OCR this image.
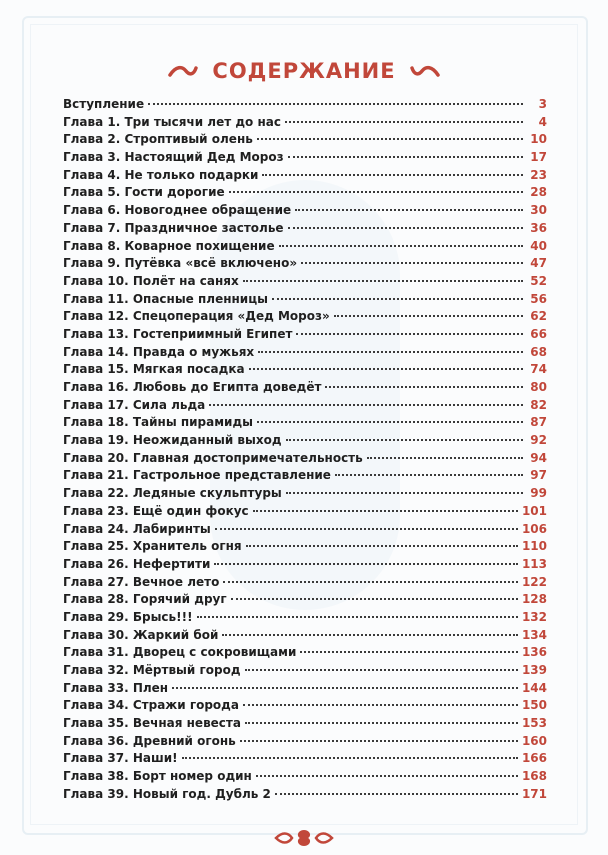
СОДЕРЖАНИЕ
Вступление	3
Глава 1. Три тысячи лет до нас	4
Глава 2. Строптивый олень	10
Глава 3. Настоящий Дед Мороз	17
Глава 4. Не только подарки	23
Глава 5. Гости дорогие	28
Глава 6. Новогоднее обращение	30
Глава 7. Праздничное застолье	36
Глава 8. Коварное похищение	40
Глава 9. Путёвка «всё включено»	47
Глава 10. Полёт на санях	52
Глава 11. Опасные пленницы	56
Глава 12. Спецоперация «Дед Мороз»	62
Глава 13. Гостеприимный Египет	66
Глава 14. Правда о мужьях	68
Глава 15. Мягкая посадка	74
Глава 16. Любовь до Египта доведёт	80
Глава 17. Сила льда	82
Глава 18. Тайны пирамиды	87
Глава 19. Неожиданный выход	92
Глава 20. Главная достопримечательность	94
Глава 21. Гастрольное представление	97
Глава 22. Ледяные скульптуры	99
Глава 23. Ещё один фокус	101
Глава 24. Лабиринты	106
Глава 25. Хранитель огня	110
Глава 26. Нефертити	113
Глава 27. Вечное лето	122
Глава 28. Горячий друг	128
Глава 29. Брысь!!!	132
Глава 30. Жаркий бой	134
Глава 31. Дворец с сокровищами	136
Глава 32. Мёртвый город	139
Глава 33. Плен	144
Глава 34. Стражи города	150
Глава 35. Вечная невеста	153
Глава 36. Древний огонь	160
Глава 37. Наши!	166
Глава 38. Борт номер один	168
Глава 39. Новый год. Дубль 2	171
